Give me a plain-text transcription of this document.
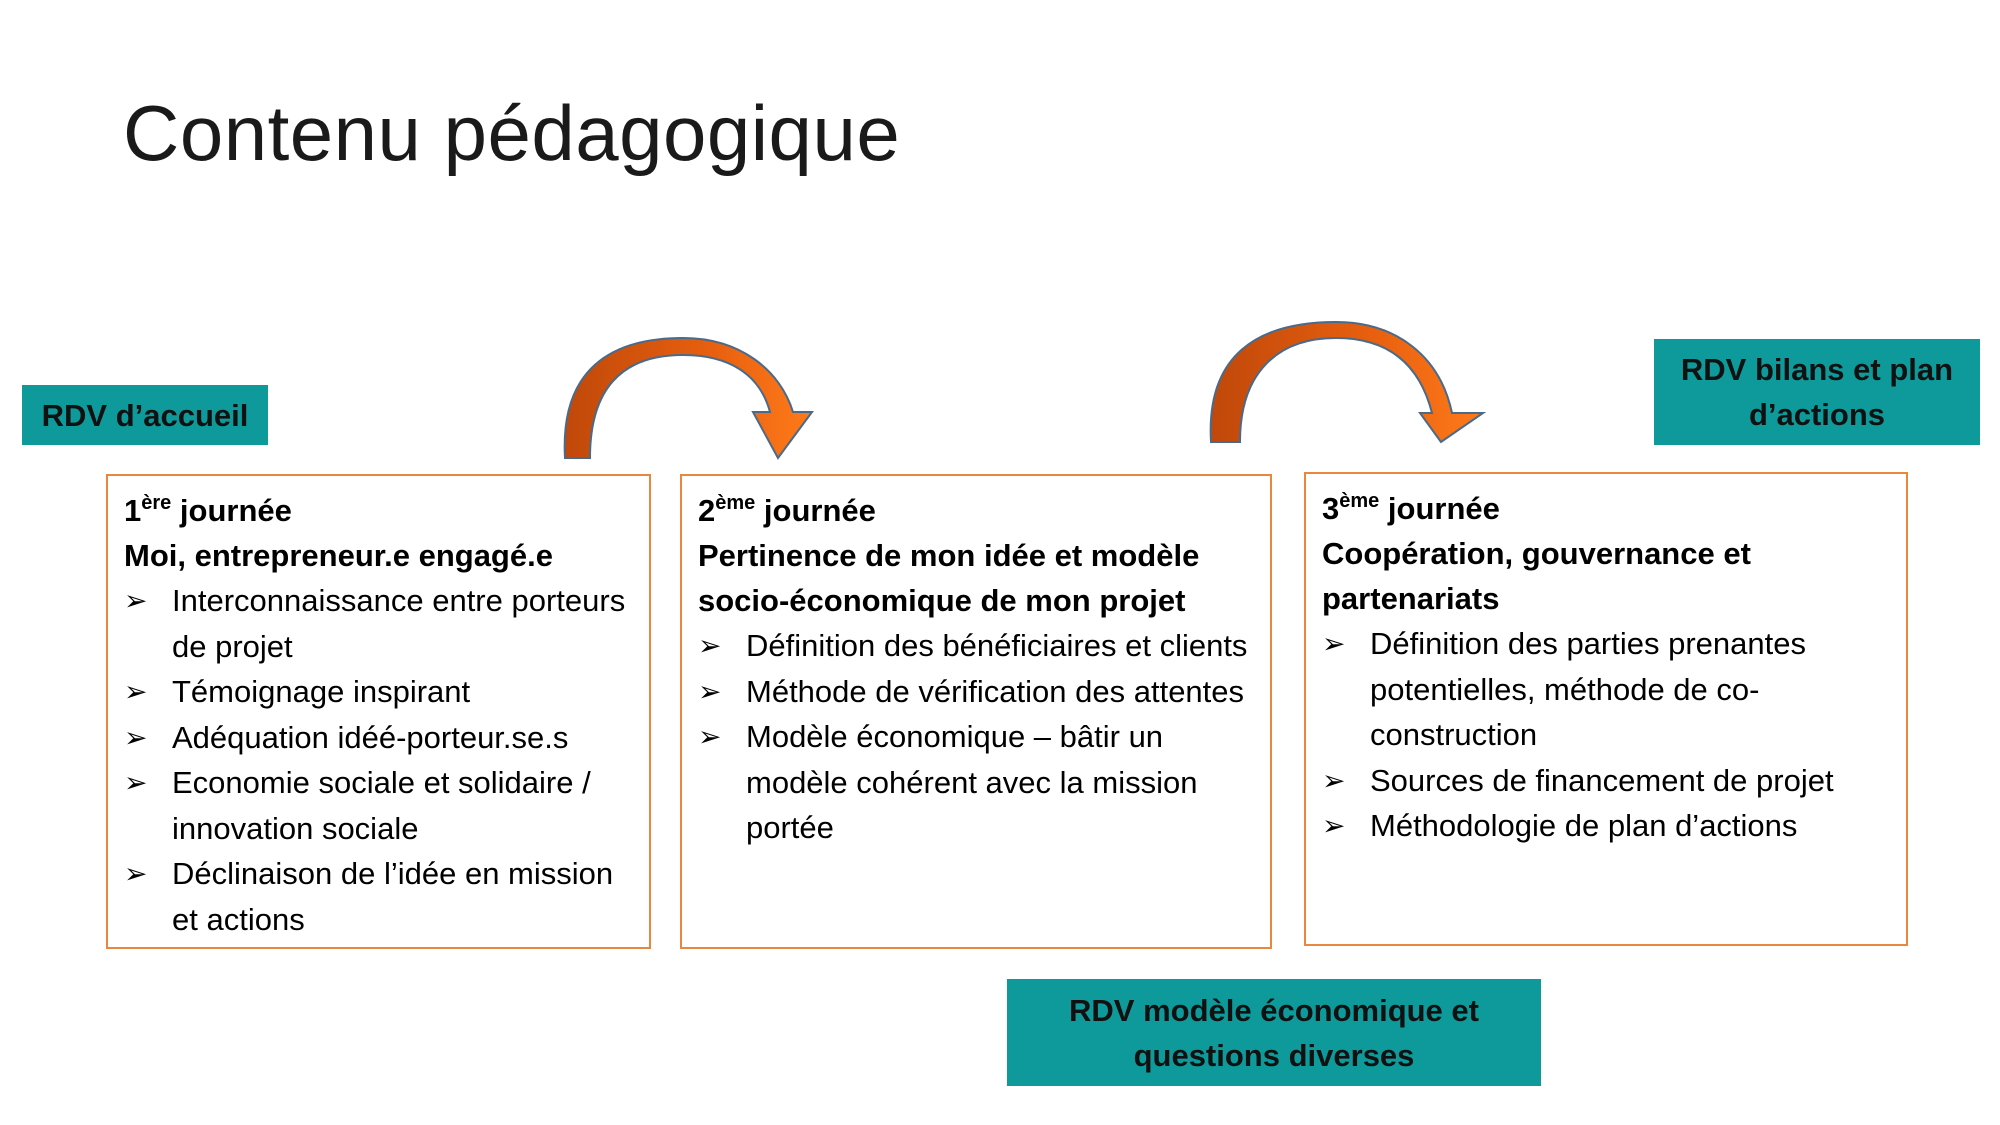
Contenu pédagogique
RDV d’accueil
RDV bilans et plan
d’actions
RDV modèle économique et
questions diverses
1ère journée
Moi, entrepreneur.e engagé.e
➢ Interconnaissance entre porteurs de projet
➢ Témoignage inspirant
➢ Adéquation idéé-porteur.se.s
➢ Economie sociale et solidaire / innovation sociale
➢ Déclinaison de l’idée en mission et actions
2ème journée
Pertinence de mon idée et modèle socio-économique de mon projet
➢ Définition des bénéficiaires et clients
➢ Méthode de vérification des attentes
➢ Modèle économique – bâtir un modèle cohérent avec la mission portée
3ème journée
Coopération, gouvernance et partenariats
➢ Définition des parties prenantes potentielles, méthode de co-construction
➢ Sources de financement de projet
➢ Méthodologie de plan d’actions
